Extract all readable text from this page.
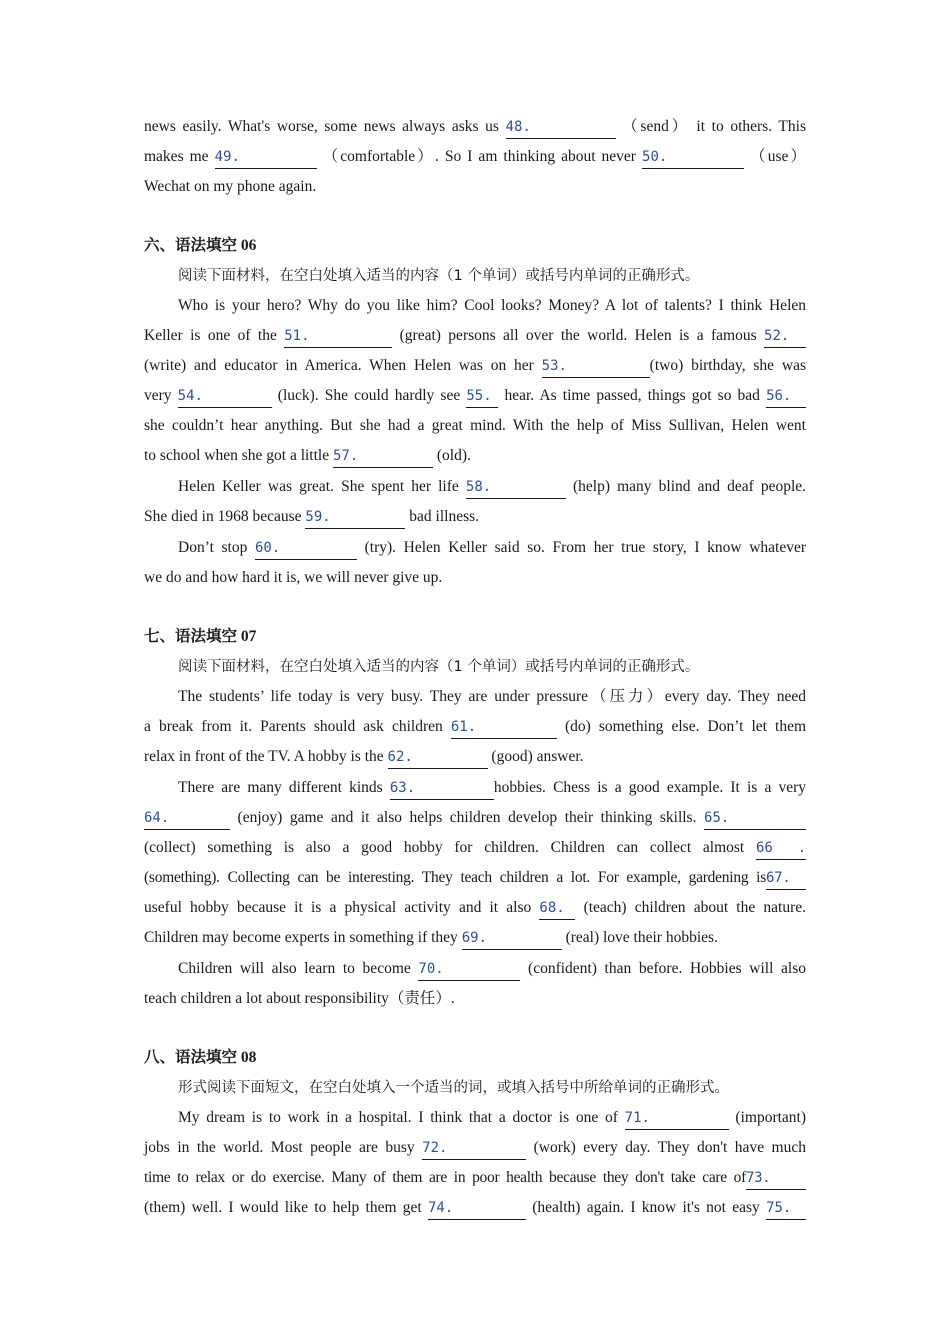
news easily. What's worse, some news always asks us 48.	（send） it to others. This
makes me 49.	（comfortable）. So I am thinking about never 50.	（use）
Wechat on my phone again.
六、语法填空 06
阅读下面材料，在空白处填入适当的内容（1 个单词）或括号内单词的正确形式。
Who is your hero? Why do you like him? Cool looks? Money? A lot of talents? I think Helen
Keller is one of the 51.	(great) persons all over the world. Helen is a famous 52.
(write) and educator in America. When Helen was on her 53.	(two) birthday, she was
very 54.	(luck). She could hardly see 55. hear. As time passed, things got so bad 56.
she couldn’t hear anything. But she had a great mind. With the help of Miss Sullivan, Helen went
to school when she got a little 57.	(old).
Helen Keller was great. She spent her life 58.	(help) many blind and deaf people.
She died in 1968 because 59.	bad illness.
Don’t stop 60.	(try). Helen Keller said so. From her true story, I know whatever
we do and how hard it is, we will never give up.
七、语法填空 07
阅读下面材料，在空白处填入适当的内容（1 个单词）或括号内单词的正确形式。
The students’ life today is very busy. They are under pressure（压力）every day. They need
a break from it. Parents should ask children 61.	(do) something else. Don’t let them
relax in front of the TV. A hobby is the 62.	(good) answer.
There are many different kinds 63.	hobbies. Chess is a good example. It is a very
64.	(enjoy) game and it also helps children develop their thinking skills. 65.
(collect) something is also a good hobby for children. Children can collect almost 66 .
(something). Collecting can be interesting. They teach children a lot. For example, gardening is67.
useful hobby because it is a physical activity and it also 68. (teach) children about the nature.
Children may become experts in something if they 69.	(real) love their hobbies.
Children will also learn to become 70.	(confident) than before. Hobbies will also
teach children a lot about responsibility（责任）.
八、语法填空 08
形式阅读下面短文，在空白处填入一个适当的词，或填入括号中所给单词的正确形式。
My dream is to work in a hospital. I think that a doctor is one of 71.	(important)
jobs in the world. Most people are busy 72.	(work) every day. They don't have much
time to relax or do exercise. Many of them are in poor health because they don't take care of73.
(them) well. I would like to help them get 74.	(health) again. I know it's not easy 75.
